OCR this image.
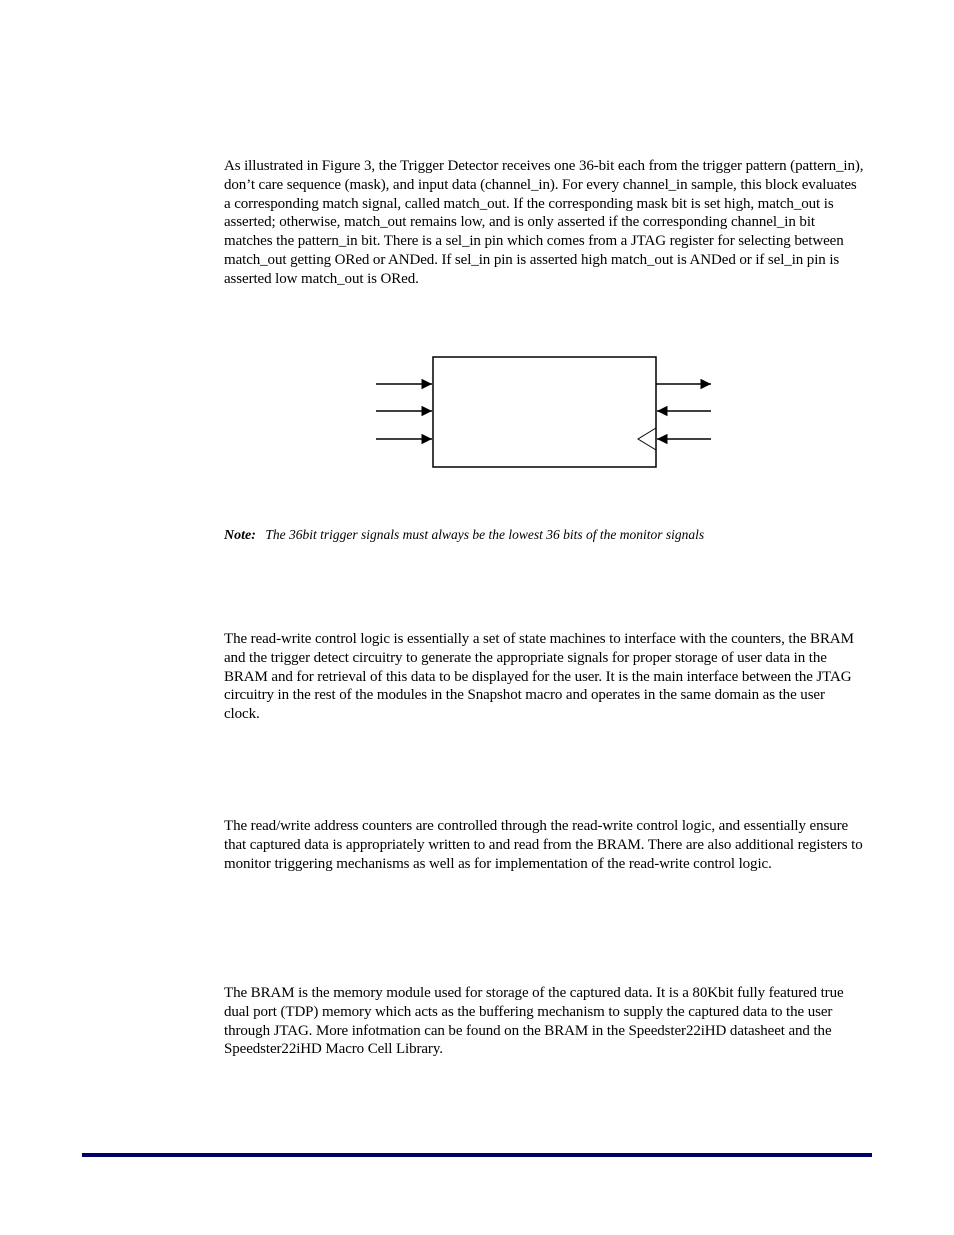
As illustrated in Figure 3, the Trigger Detector receives one 36-bit each from the trigger pattern (pattern_in), don’t care sequence (mask), and input data (channel_in). For every channel_in sample, this block evaluates a corresponding match signal, called match_out. If the corresponding mask bit is set high, match_out is asserted; otherwise, match_out remains low, and is only asserted if the corresponding channel_in bit matches the pattern_in bit. There is a sel_in pin which comes from a JTAG register for selecting between match_out getting ORed or ANDed. If sel_in pin is asserted high match_out is ANDed or if sel_in pin is asserted low match_out is ORed.

Note: The 36bit trigger signals must always be the lowest 36 bits of the monitor signals

The read-write control logic is essentially a set of state machines to interface with the counters, the BRAM and the trigger detect circuitry to generate the appropriate signals for proper storage of user data in the BRAM and for retrieval of this data to be displayed for the user. It is the main interface between the JTAG circuitry in the rest of the modules in the Snapshot macro and operates in the same domain as the user clock.

The read/write address counters are controlled through the read-write control logic, and essentially ensure that captured data is appropriately written to and read from the BRAM. There are also additional registers to monitor triggering mechanisms as well as for implementation of the read-write control logic.

The BRAM is the memory module used for storage of the captured data. It is a 80Kbit fully featured true dual port (TDP) memory which acts as the buffering mechanism to supply the captured data to the user through JTAG. More infotmation can be found on the BRAM in the Speedster22iHD datasheet and the Speedster22iHD Macro Cell Library.
